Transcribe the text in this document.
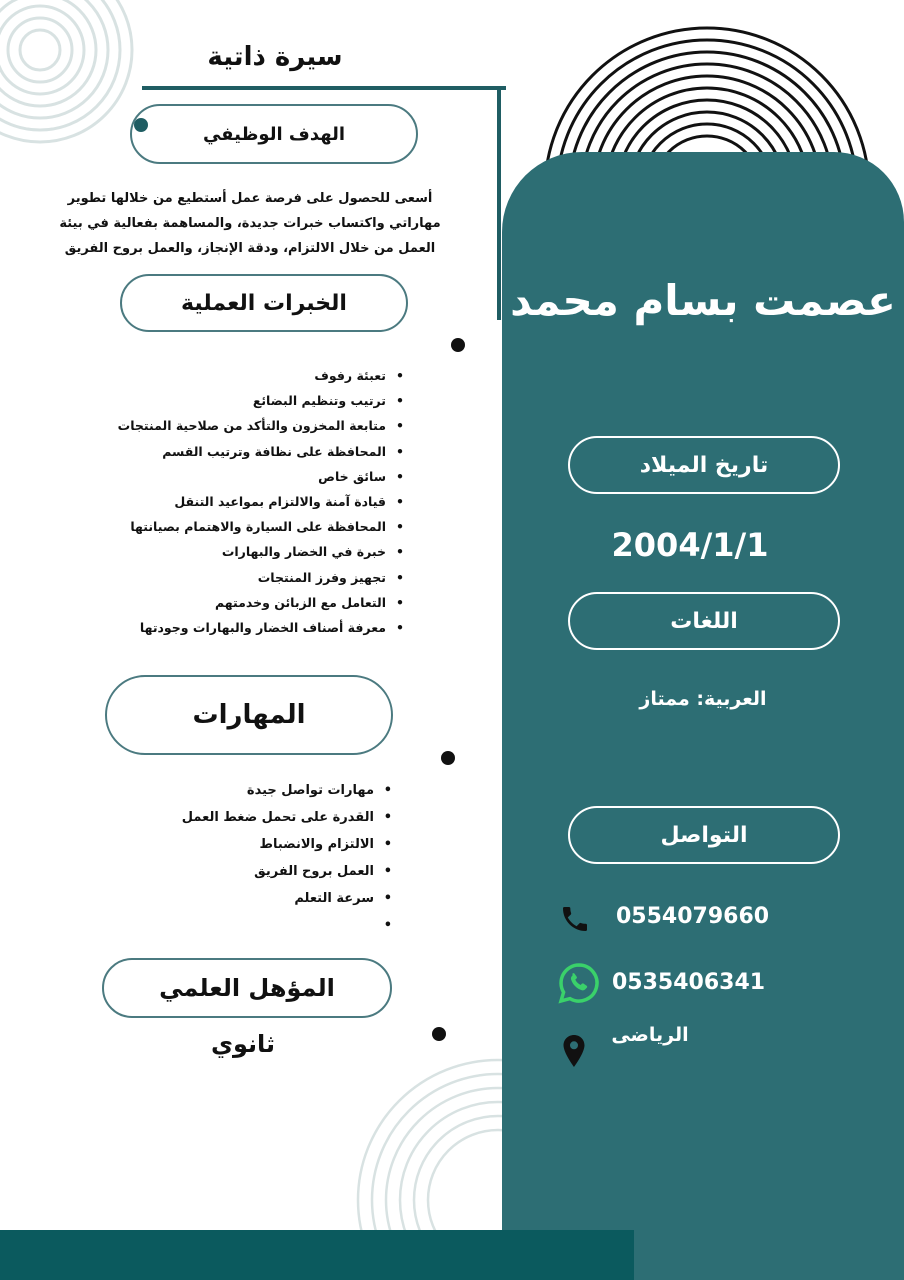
سيرة ذاتية
الهدف الوظيفي
أسعى للحصول على فرصة عمل أستطيع من خلالها تطوير مهاراتي واكتساب خبرات جديدة، والمساهمة بفعالية في بيئة العمل من خلال الالتزام، ودقة الإنجاز، والعمل بروح الفريق
الخبرات العملية
• تعبئة رفوف
• ترتيب وتنظيم البضائع
• متابعة المخزون والتأكد من صلاحية المنتجات
• المحافظة على نظافة وترتيب القسم
• سائق خاص
• قيادة آمنة والالتزام بمواعيد التنقل
• المحافظة على السيارة والاهتمام بصيانتها
• خبرة في الخضار والبهارات
• تجهيز وفرز المنتجات
• التعامل مع الزبائن وخدمتهم
• معرفة أصناف الخضار والبهارات وجودتها
المهارات
• مهارات تواصل جيدة
• القدرة على تحمل ضغط العمل
• الالتزام والانضباط
• العمل بروح الفريق
• سرعة التعلم
المؤهل العلمي
ثانوي
عصمت بسام محمد
تاريخ الميلاد
2004/1/1
اللغات
العربية: ممتاز
التواصل
0554079660
0535406341
الرياضى
